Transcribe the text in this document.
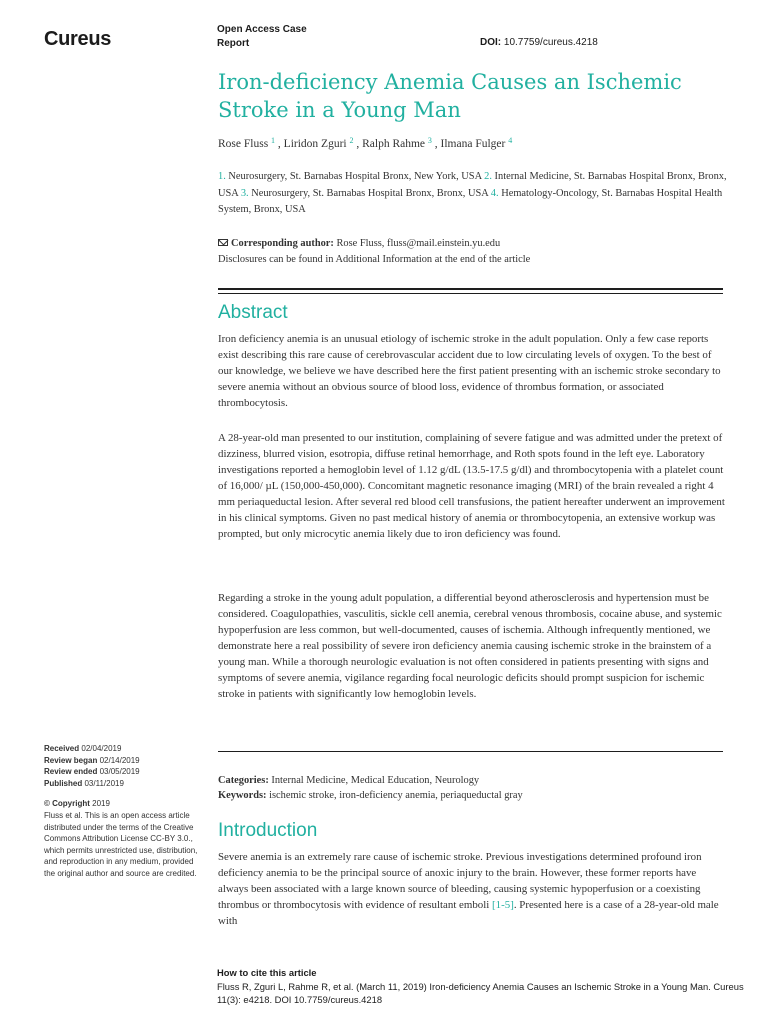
Cureus	Open Access Case
Report	DOI: 10.7759/cureus.4218
Iron-deficiency Anemia Causes an Ischemic Stroke in a Young Man
Rose Fluss $^1$ , Liridon Zguri $^2$ , Ralph Rahme $^3$ , Ilmana Fulger $^4$
1. Neurosurgery, St. Barnabas Hospital Bronx, New York, USA 2. Internal Medicine, St. Barnabas Hospital Bronx, Bronx, USA 3. Neurosurgery, St. Barnabas Hospital Bronx, Bronx, USA 4. Hematology-Oncology, St. Barnabas Hospital Health System, Bronx, USA
Corresponding author: Rose Fluss, fluss@mail.einstein.yu.edu
Disclosures can be found in Additional Information at the end of the article
Abstract

Iron deficiency anemia is an unusual etiology of ischemic stroke in the adult population. Only a few case reports exist describing this rare cause of cerebrovascular accident due to low circulating levels of oxygen. To the best of our knowledge, we believe we have described here the first patient presenting with an ischemic stroke secondary to severe anemia without an obvious source of blood loss, evidence of thrombus formation, or associated thrombocytosis.

A 28-year-old man presented to our institution, complaining of severe fatigue and was admitted under the pretext of dizziness, blurred vision, esotropia, diffuse retinal hemorrhage, and Roth spots found in the left eye. Laboratory investigations reported a hemoglobin level of 1.12 g/dL (13.5-17.5 g/dl) and thrombocytopenia with a platelet count of 16,000/ µL (150,000-450,000). Concomitant magnetic resonance imaging (MRI) of the brain revealed a right 4 mm periaqueductal lesion. After several red blood cell transfusions, the patient hereafter underwent an improvement in his clinical symptoms. Given no past medical history of anemia or thrombocytopenia, an extensive workup was prompted, but only microcytic anemia likely due to iron deficiency was found.

Regarding a stroke in the young adult population, a differential beyond atherosclerosis and hypertension must be considered. Coagulopathies, vasculitis, sickle cell anemia, cerebral venous thrombosis, cocaine abuse, and systemic hypoperfusion are less common, but well-documented, causes of ischemia. Although infrequently mentioned, we demonstrate here a real possibility of severe iron deficiency anemia causing ischemic stroke in the brainstem of a young man. While a thorough neurologic evaluation is not often considered in patients presenting with signs and symptoms of severe anemia, vigilance regarding focal neurologic deficits should prompt suspicion for ischemic stroke in patients with significantly low hemoglobin levels.

Categories: Internal Medicine, Medical Education, Neurology
Keywords: ischemic stroke, iron-deficiency anemia, periaqueductal gray
Introduction

Severe anemia is an extremely rare cause of ischemic stroke. Previous investigations determined profound iron deficiency anemia to be the principal source of anoxic injury to the brain. However, these former reports have always been associated with a large known source of bleeding, causing systemic hypoperfusion or a coexisting thrombus or thrombocytosis with evidence of resultant emboli [1-5]. Presented here is a case of a 28-year-old male with

Received 02/04/2019
Review began 02/14/2019
Review ended 03/05/2019
Published 03/11/2019
© Copyright 2019
Fluss et al. This is an open access article distributed under the terms of the Creative Commons Attribution License CC-BY 3.0., which permits unrestricted use, distribution, and reproduction in any medium, provided the original author and source are credited.
How to cite this article
Fluss R, Zguri L, Rahme R, et al. (March 11, 2019) Iron-deficiency Anemia Causes an Ischemic Stroke in a Young Man. Cureus 11(3): e4218. DOI 10.7759/cureus.4218
